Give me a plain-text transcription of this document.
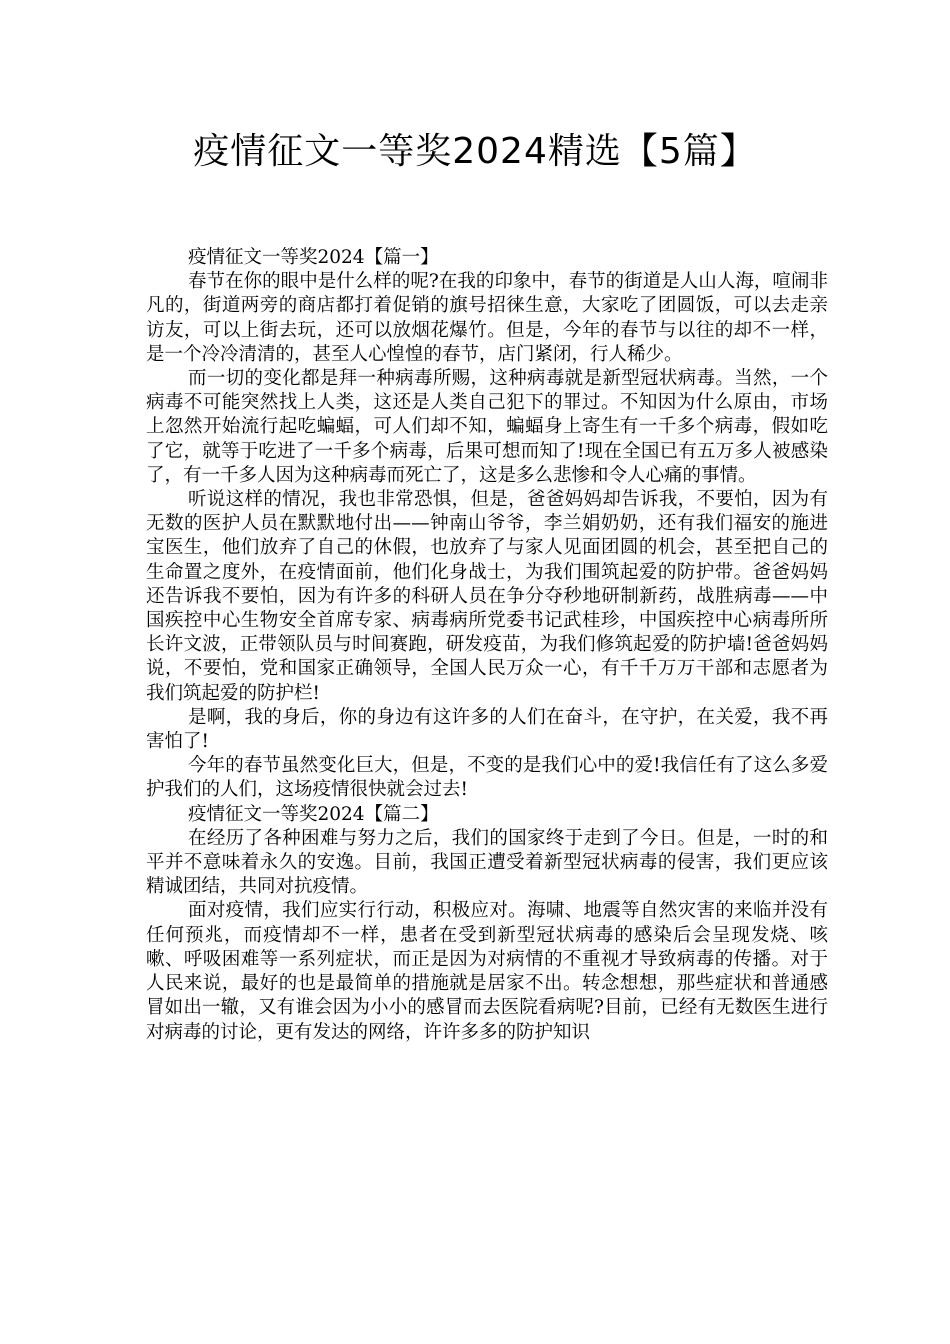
疫情征文一等奖2024精选【5篇】

疫情征文一等奖2024【篇一】

春节在你的眼中是什么样的呢?在我的印象中，春节的街道是人山人海，喧闹非凡的，街道两旁的商店都打着促销的旗号招徕生意，大家吃了团圆饭，可以去走亲访友，可以上街去玩，还可以放烟花爆竹。但是，今年的春节与以往的却不一样，是一个冷冷清清的，甚至人心惶惶的春节，店门紧闭，行人稀少。

而一切的变化都是拜一种病毒所赐，这种病毒就是新型冠状病毒。当然，一个病毒不可能突然找上人类，这还是人类自己犯下的罪过。不知因为什么原由，市场上忽然开始流行起吃蝙蝠，可人们却不知，蝙蝠身上寄生有一千多个病毒，假如吃了它，就等于吃进了一千多个病毒，后果可想而知了!现在全国已有五万多人被感染了，有一千多人因为这种病毒而死亡了，这是多么悲惨和令人心痛的事情。

听说这样的情况，我也非常恐惧，但是，爸爸妈妈却告诉我，不要怕，因为有无数的医护人员在默默地付出——钟南山爷爷，李兰娟奶奶，还有我们福安的施进宝医生，他们放弃了自己的休假，也放弃了与家人见面团圆的机会，甚至把自己的生命置之度外，在疫情面前，他们化身战士，为我们围筑起爱的防护带。爸爸妈妈还告诉我不要怕，因为有许多的科研人员在争分夺秒地研制新药，战胜病毒——中国疾控中心生物安全首席专家、病毒病所党委书记武桂珍，中国疾控中心病毒所所长许文波，正带领队员与时间赛跑，研发疫苗，为我们修筑起爱的防护墙!爸爸妈妈说，不要怕，党和国家正确领导，全国人民万众一心，有千千万万干部和志愿者为我们筑起爱的防护栏!

是啊，我的身后，你的身边有这许多的人们在奋斗，在守护，在关爱，我不再害怕了!

今年的春节虽然变化巨大，但是，不变的是我们心中的爱!我信任有了这么多爱护我们的人们，这场疫情很快就会过去!

疫情征文一等奖2024【篇二】

在经历了各种困难与努力之后，我们的国家终于走到了今日。但是，一时的和平并不意味着永久的安逸。目前，我国正遭受着新型冠状病毒的侵害，我们更应该精诚团结，共同对抗疫情。

面对疫情，我们应实行行动，积极应对。海啸、地震等自然灾害的来临并没有任何预兆，而疫情却不一样，患者在受到新型冠状病毒的感染后会呈现发烧、咳嗽、呼吸困难等一系列症状，而正是因为对病情的不重视才导致病毒的传播。对于人民来说，最好的也是最简单的措施就是居家不出。转念想想，那些症状和普通感冒如出一辙，又有谁会因为小小的感冒而去医院看病呢?目前，已经有无数医生进行对病毒的讨论，更有发达的网络，许许多多的防护知识
